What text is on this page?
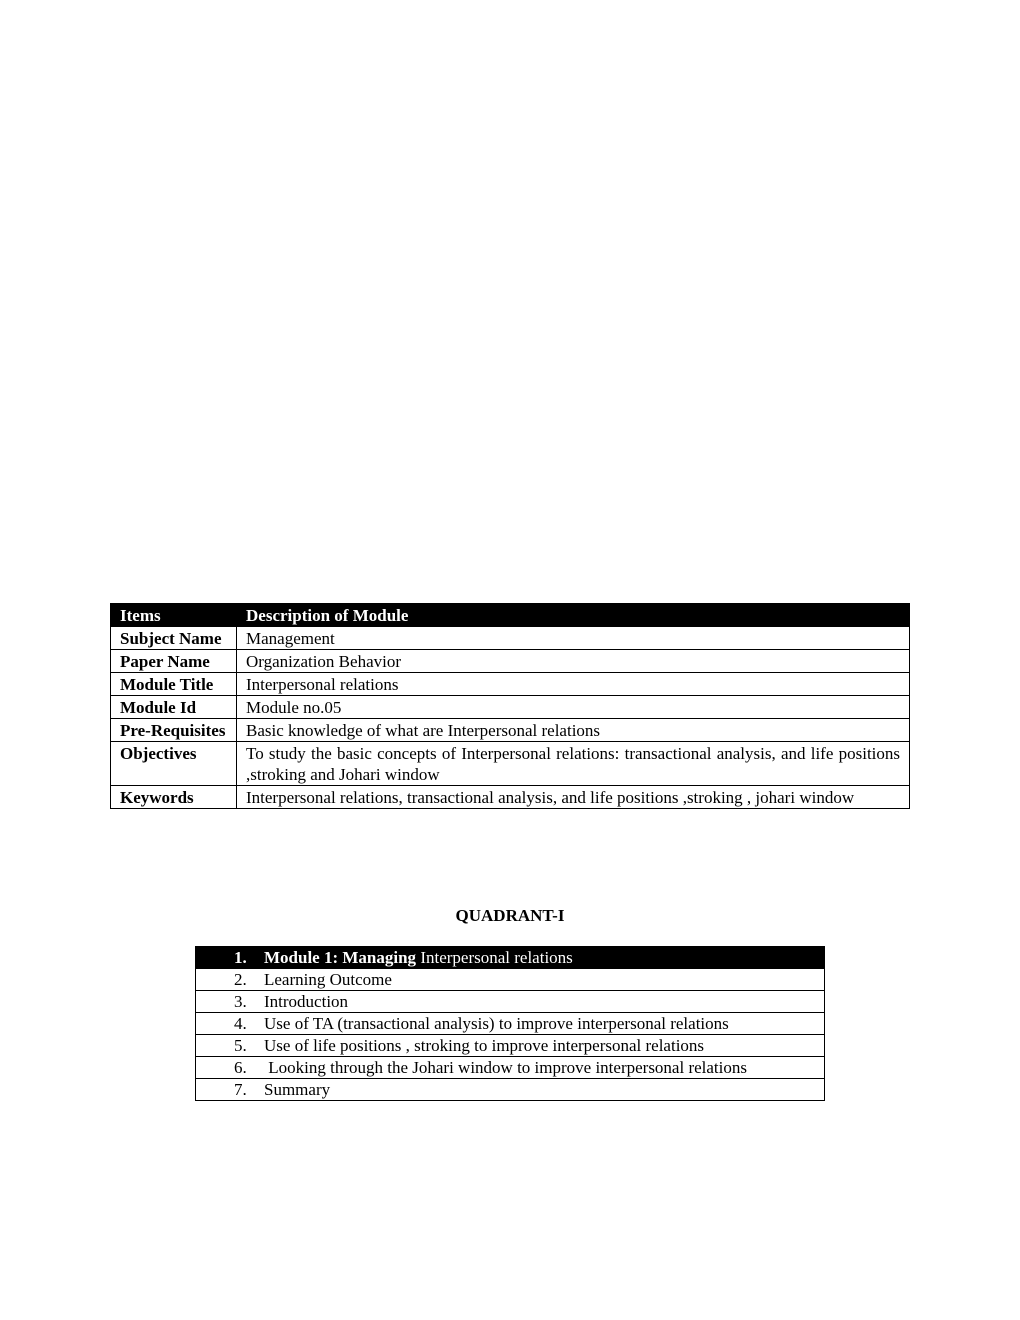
Items	Description of Module
Subject Name	Management
Paper Name	Organization Behavior
Module Title	Interpersonal relations
Module Id	Module no.05
Pre-Requisites	Basic knowledge of what are Interpersonal relations
Objectives	To study the basic concepts of Interpersonal relations: transactional analysis, and life positions ,stroking and Johari window
Keywords	Interpersonal relations, transactional analysis, and life positions ,stroking , johari window
QUADRANT-I
1. Module 1: Managing Interpersonal relations
2. Learning Outcome
3. Introduction
4. Use of TA (transactional analysis) to improve interpersonal relations
5. Use of life positions , stroking to improve interpersonal relations
6. Looking through the Johari window to improve interpersonal relations
7. Summary
